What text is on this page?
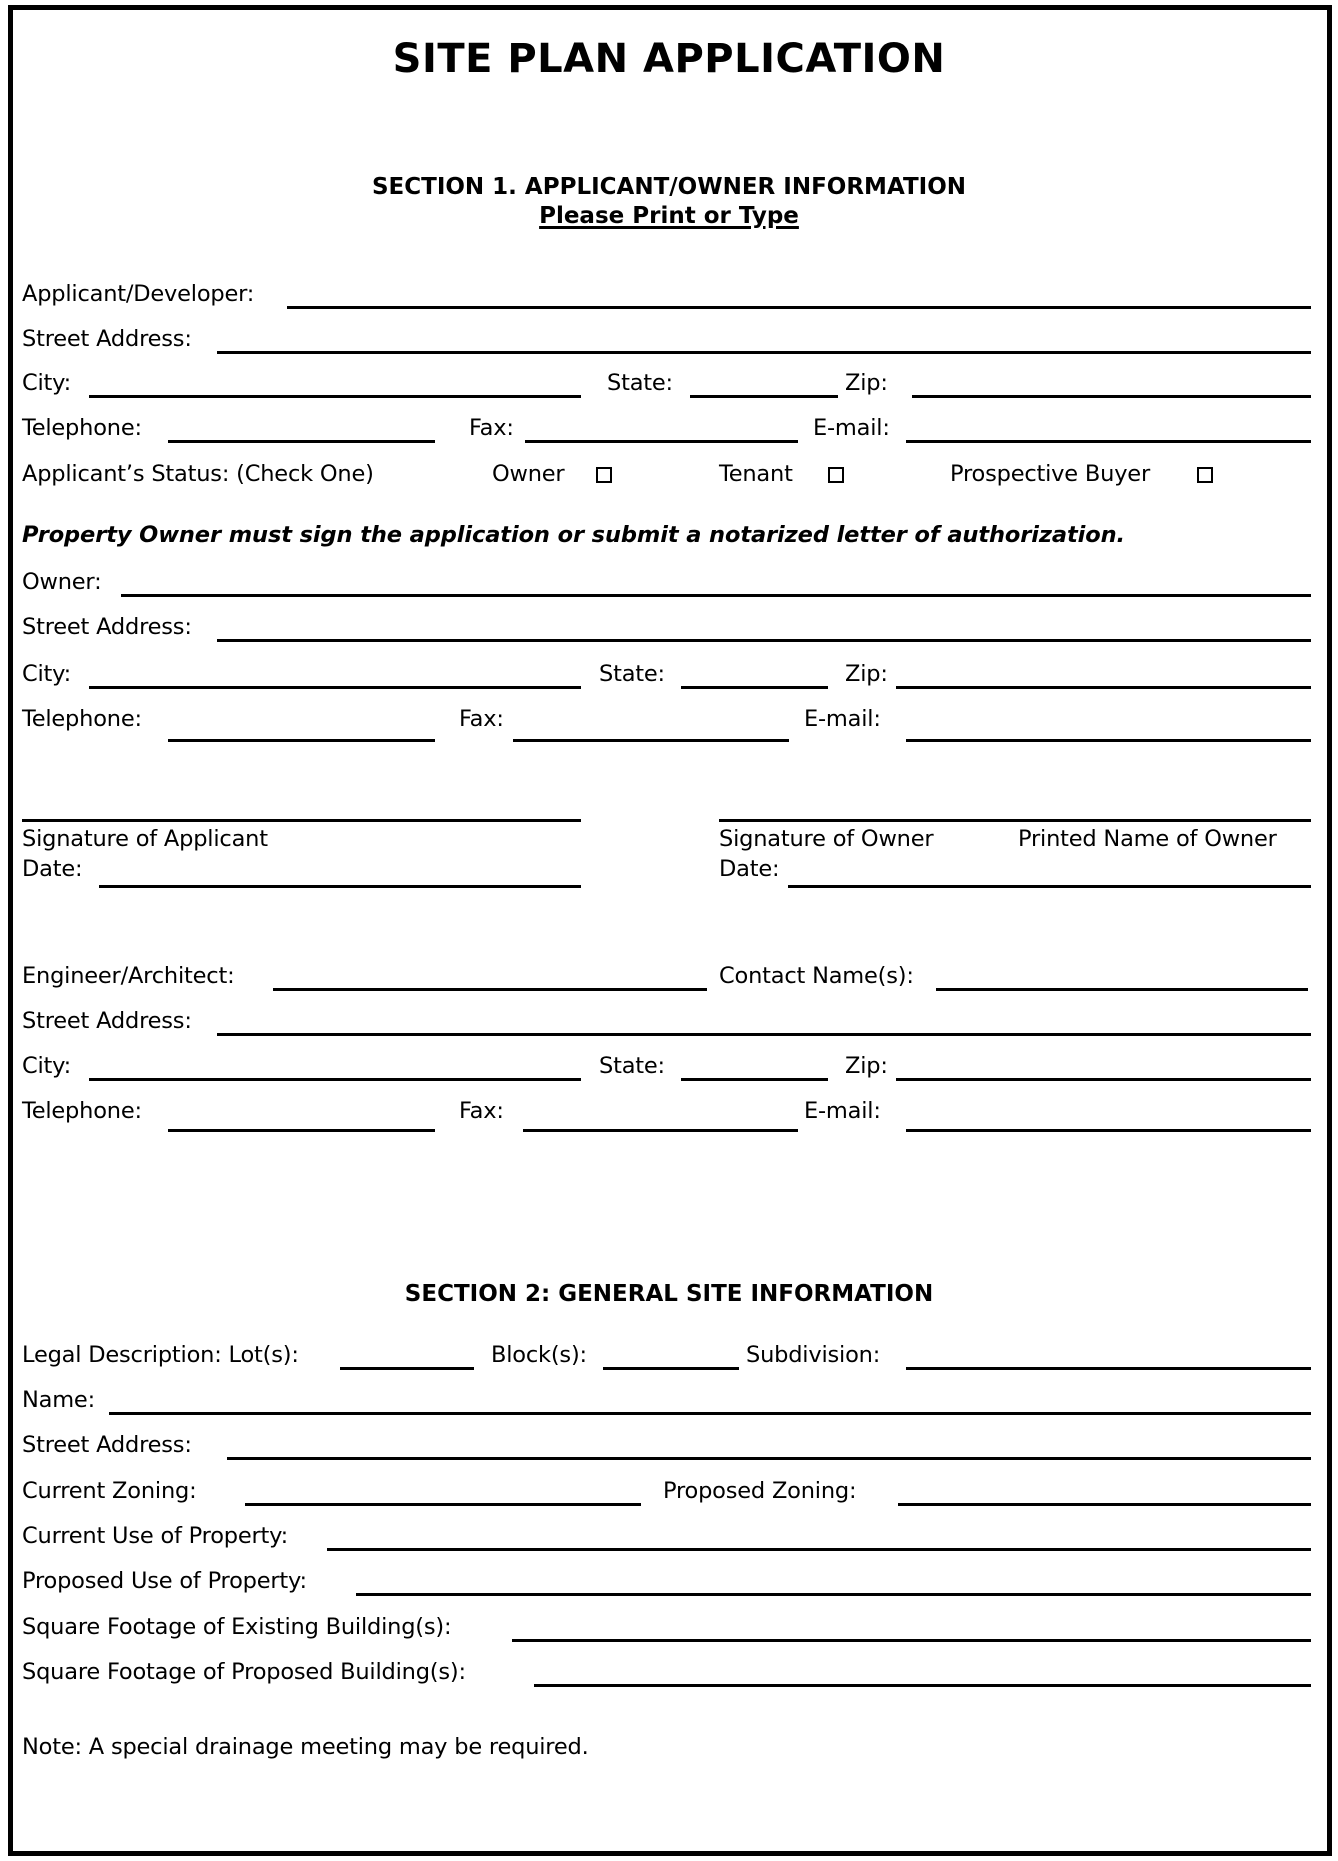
SITE PLAN APPLICATION
SECTION 1. APPLICANT/OWNER INFORMATION
Please Print or Type
Applicant/Developer:
Street Address:
City:	State:	Zip:
Telephone:	Fax:	E-mail:
Applicant’s Status: (Check One)	Owner	Tenant	Prospective Buyer
Property Owner must sign the application or submit a notarized letter of authorization.
Owner:
Street Address:
City:	State:	Zip:
Telephone:	Fax:	E-mail:
Signature of Applicant	Signature of Owner	Printed Name of Owner
Date:	Date:
Engineer/Architect:	Contact Name(s):
Street Address:
City:	State:	Zip:
Telephone:	Fax:	E-mail:
SECTION 2: GENERAL SITE INFORMATION
Legal Description: Lot(s):	Block(s):	Subdivision:
Name:
Street Address:
Current Zoning:	Proposed Zoning:
Current Use of Property:
Proposed Use of Property:
Square Footage of Existing Building(s):
Square Footage of Proposed Building(s):
Note: A special drainage meeting may be required.
